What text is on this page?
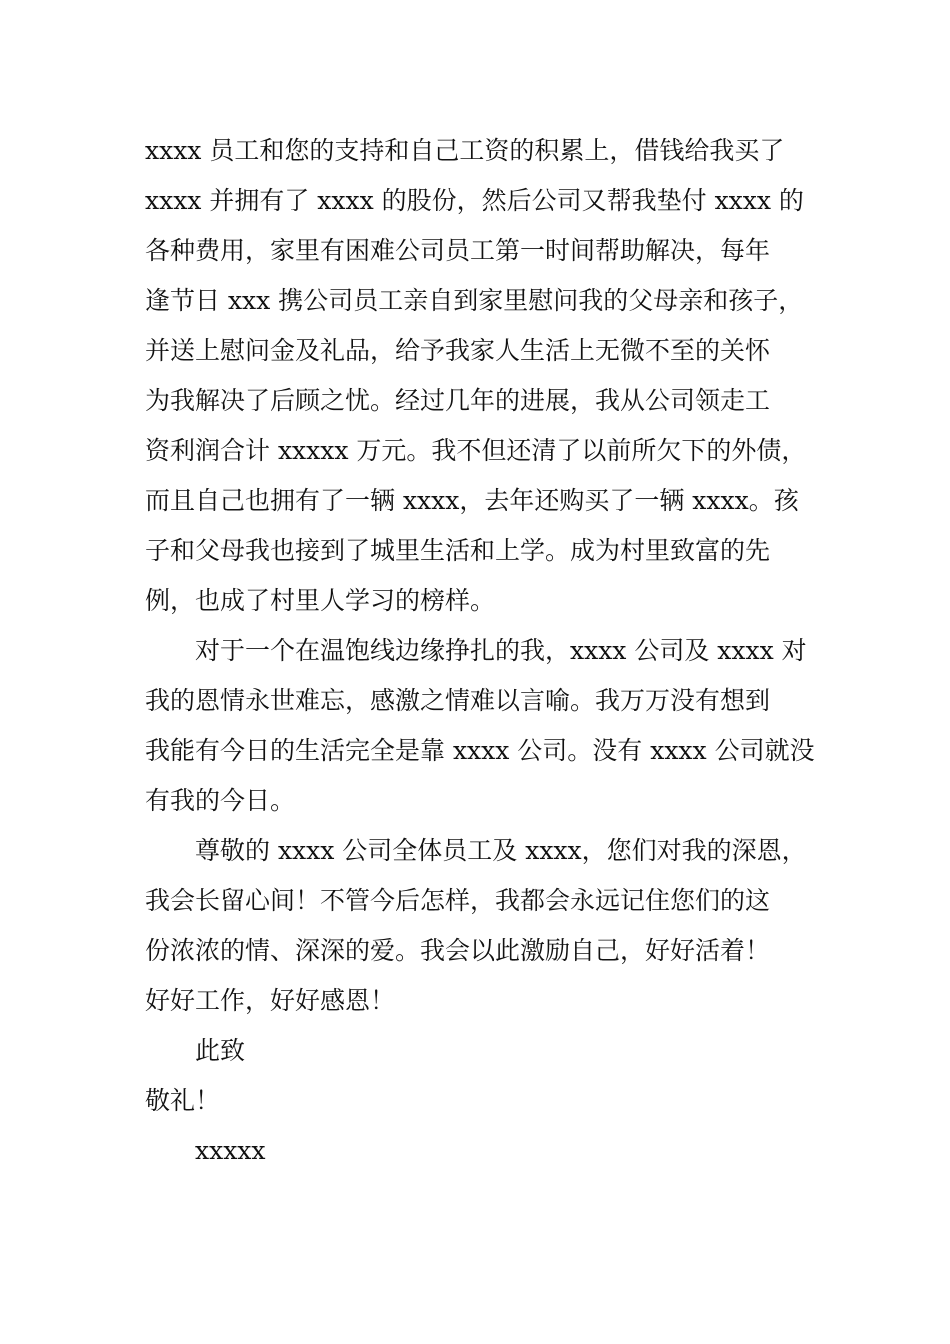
xxxx 员工和您的支持和自己工资的积累上，借钱给我买了
xxxx 并拥有了 xxxx 的股份，然后公司又帮我垫付 xxxx 的
各种费用，家里有困难公司员工第一时间帮助解决，每年
逢节日 xxx 携公司员工亲自到家里慰问我的父母亲和孩子，
并送上慰问金及礼品，给予我家人生活上无微不至的关怀
为我解决了后顾之忧。经过几年的进展，我从公司领走工
资利润合计 xxxxx 万元。我不但还清了以前所欠下的外债，
而且自己也拥有了一辆 xxxx，去年还购买了一辆 xxxx。孩
子和父母我也接到了城里生活和上学。成为村里致富的先
例，也成了村里人学习的榜样。
对于一个在温饱线边缘挣扎的我，xxxx 公司及 xxxx 对
我的恩情永世难忘，感激之情难以言喻。我万万没有想到
我能有今日的生活完全是靠 xxxx 公司。没有 xxxx 公司就没
有我的今日。
尊敬的 xxxx 公司全体员工及 xxxx，您们对我的深恩，
我会长留心间！不管今后怎样，我都会永远记住您们的这
份浓浓的情、深深的爱。我会以此激励自己，好好活着！
好好工作，好好感恩！
此致
敬礼！
xxxxx
